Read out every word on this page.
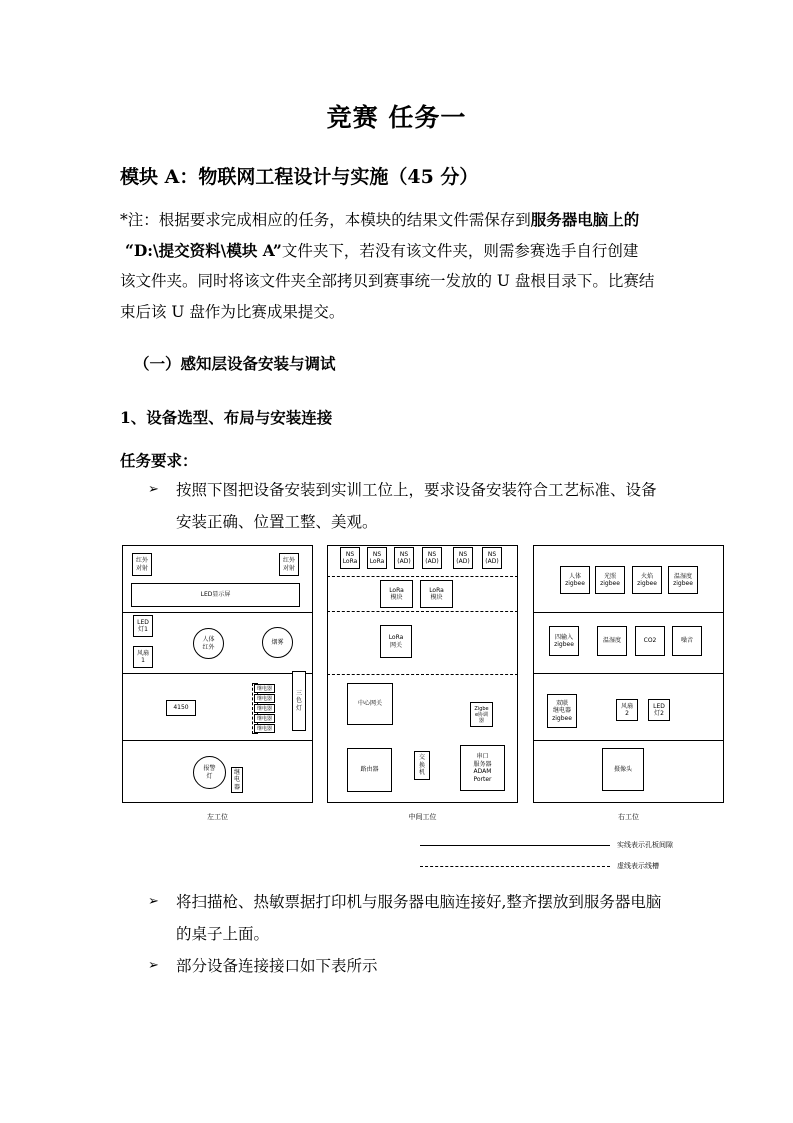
竞赛 任务一
模块 A：物联网工程设计与实施（45 分）
*注：根据要求完成相应的任务，本模块的结果文件需保存到服务器电脑上的
“D:\提交资料\模块 A”文件夹下，若没有该文件夹，则需参赛选手自行创建
该文件夹。同时将该文件夹全部拷贝到赛事统一发放的 U 盘根目录下。比赛结
束后该 U 盘作为比赛成果提交。
（一）感知层设备安装与调试
1、设备选型、布局与安装连接
任务要求：
➢ 按照下图把设备安装到实训工位上，要求设备安装符合工艺标准、设备
安装正确、位置工整、美观。
红外
对射
红外
对射
LED显示屏
LED
灯1
风扇
1
人体
红外
烟雾
4150
继电器
继电器
继电器
继电器
继电器
三
色
灯
报警
灯
继
电
器
NS
LoRa
NS
LoRa
NS
(AD)
NS
(AD)
NS
(AD)
NS
(AD)
LoRa
模块
LoRa
模块
LoRa
网关
中心网关
Zigbe
e协调
器
路由器
交
换
机
串口
服务器
ADAM
Porter
人体
zigbee
光照
zigbee
火焰
zigbee
温湿度
zigbee
四输入
zigbee
温湿度	CO2	噪音
双联
继电器
zigbee
风扇
2
LED
灯2
摄像头
左工位	中间工位	右工位
实线表示孔板间隙
虚线表示线槽
➢ 将扫描枪、热敏票据打印机与服务器电脑连接好,整齐摆放到服务器电脑
的桌子上面。
➢ 部分设备连接接口如下表所示
